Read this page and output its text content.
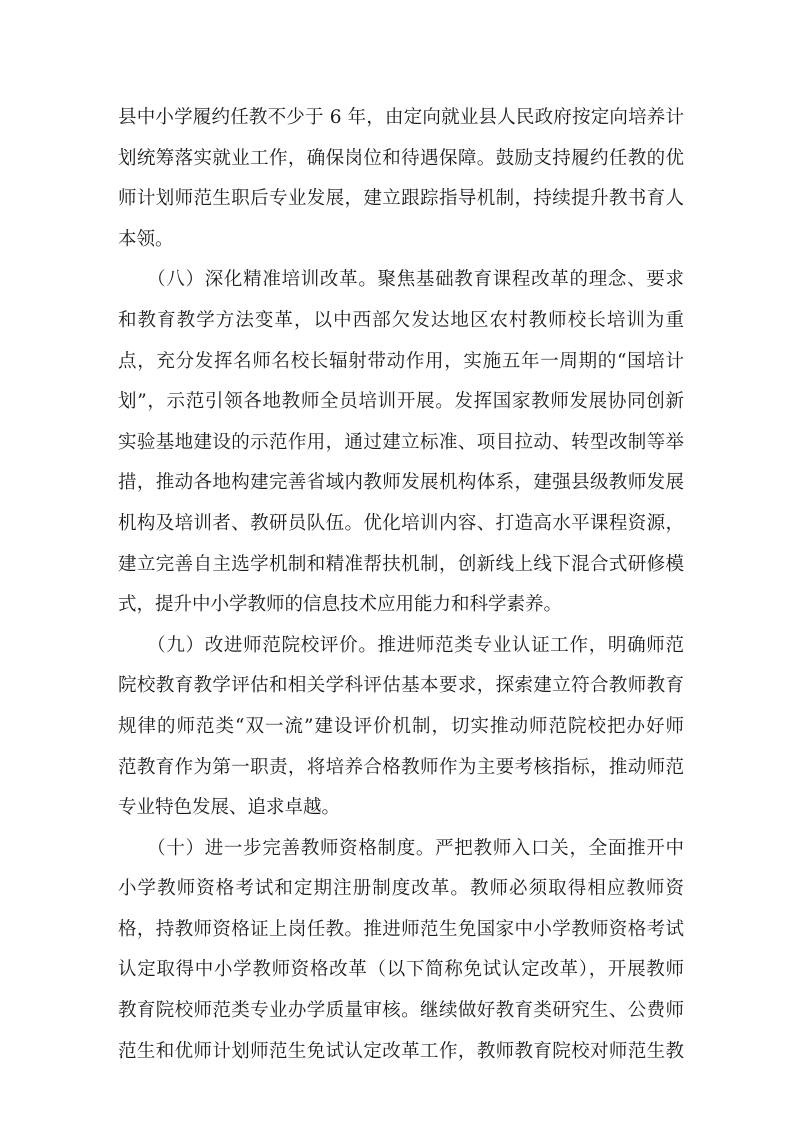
县中小学履约任教不少于 6 年，由定向就业县人民政府按定向培养计
划统筹落实就业工作，确保岗位和待遇保障。鼓励支持履约任教的优
师计划师范生职后专业发展，建立跟踪指导机制，持续提升教书育人
本领。
　　（八）深化精准培训改革。聚焦基础教育课程改革的理念、要求
和教育教学方法变革，以中西部欠发达地区农村教师校长培训为重
点，充分发挥名师名校长辐射带动作用，实施五年一周期的“国培计
划”，示范引领各地教师全员培训开展。发挥国家教师发展协同创新
实验基地建设的示范作用，通过建立标准、项目拉动、转型改制等举
措，推动各地构建完善省域内教师发展机构体系，建强县级教师发展
机构及培训者、教研员队伍。优化培训内容、打造高水平课程资源，
建立完善自主选学机制和精准帮扶机制，创新线上线下混合式研修模
式，提升中小学教师的信息技术应用能力和科学素养。
　　（九）改进师范院校评价。推进师范类专业认证工作，明确师范
院校教育教学评估和相关学科评估基本要求，探索建立符合教师教育
规律的师范类“双一流”建设评价机制，切实推动师范院校把办好师
范教育作为第一职责，将培养合格教师作为主要考核指标，推动师范
专业特色发展、追求卓越。
　　（十）进一步完善教师资格制度。严把教师入口关，全面推开中
小学教师资格考试和定期注册制度改革。教师必须取得相应教师资
格，持教师资格证上岗任教。推进师范生免国家中小学教师资格考试
认定取得中小学教师资格改革（以下简称免试认定改革），开展教师
教育院校师范类专业办学质量审核。继续做好教育类研究生、公费师
范生和优师计划师范生免试认定改革工作，教师教育院校对师范生教
